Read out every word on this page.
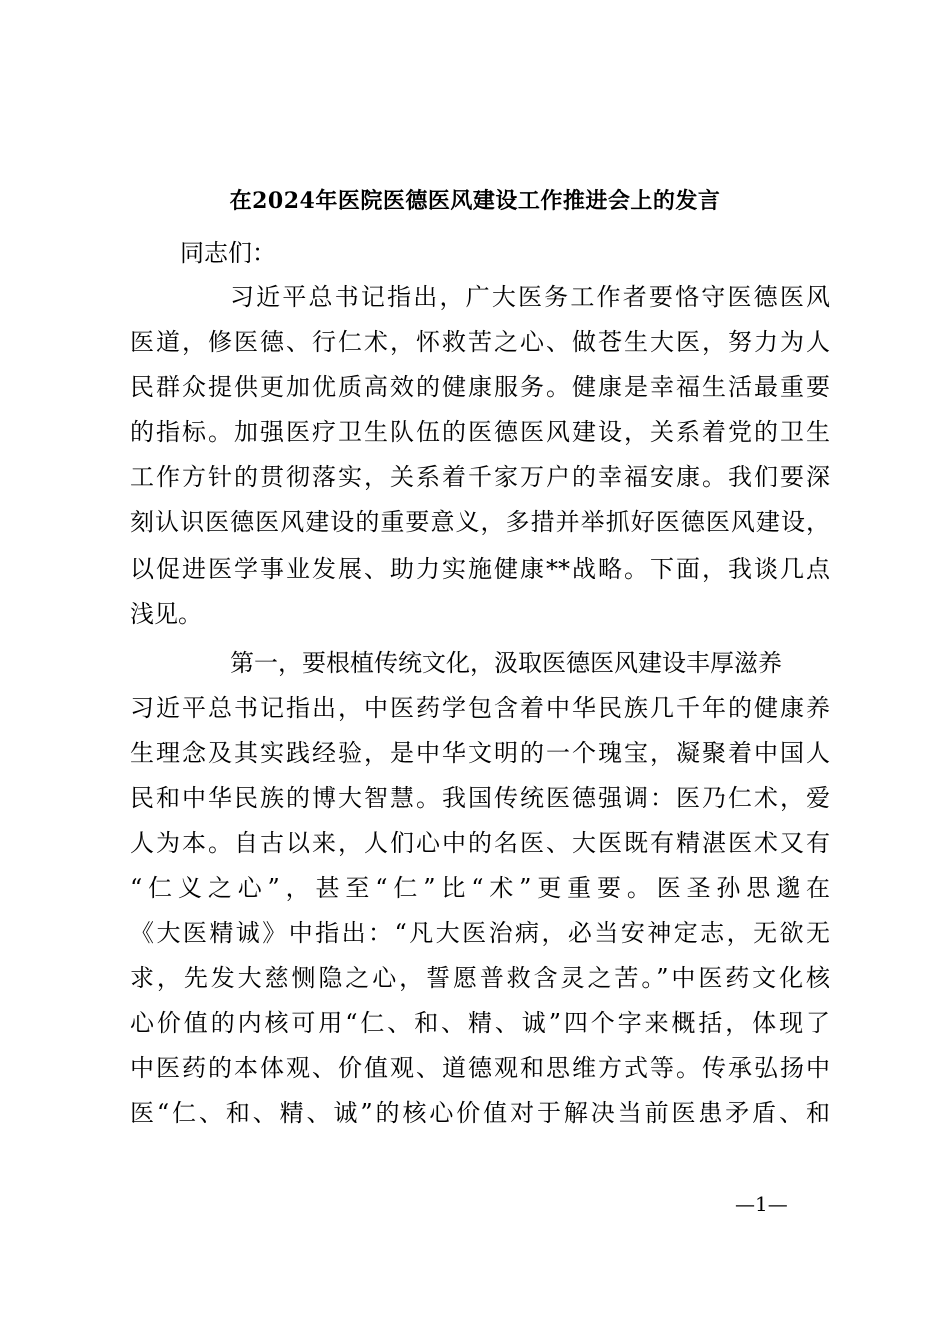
在2024年医院医德医风建设工作推进会上的发言
同志们：
习近平总书记指出，广大医务工作者要恪守医德医风
医道，修医德、行仁术，怀救苦之心、做苍生大医，努力为人
民群众提供更加优质高效的健康服务。健康是幸福生活最重要
的指标。加强医疗卫生队伍的医德医风建设，关系着党的卫生
工作方针的贯彻落实，关系着千家万户的幸福安康。我们要深
刻认识医德医风建设的重要意义，多措并举抓好医德医风建设，
以促进医学事业发展、助力实施健康**战略。下面，我谈几点
浅见。
第一，要根植传统文化，汲取医德医风建设丰厚滋养
习近平总书记指出，中医药学包含着中华民族几千年的健康养
生理念及其实践经验，是中华文明的一个瑰宝，凝聚着中国人
民和中华民族的博大智慧。我国传统医德强调：医乃仁术，爱
人为本。自古以来，人们心中的名医、大医既有精湛医术又有
“仁义之心”，甚至“仁”比“术”更重要。医圣孙思邈在
《大医精诚》中指出：“凡大医治病，必当安神定志，无欲无
求，先发大慈恻隐之心，誓愿普救含灵之苦。”中医药文化核
心价值的内核可用“仁、和、精、诚”四个字来概括，体现了
中医药的本体观、价值观、道德观和思维方式等。传承弘扬中
医“仁、和、精、诚”的核心价值对于解决当前医患矛盾、和
—1—
